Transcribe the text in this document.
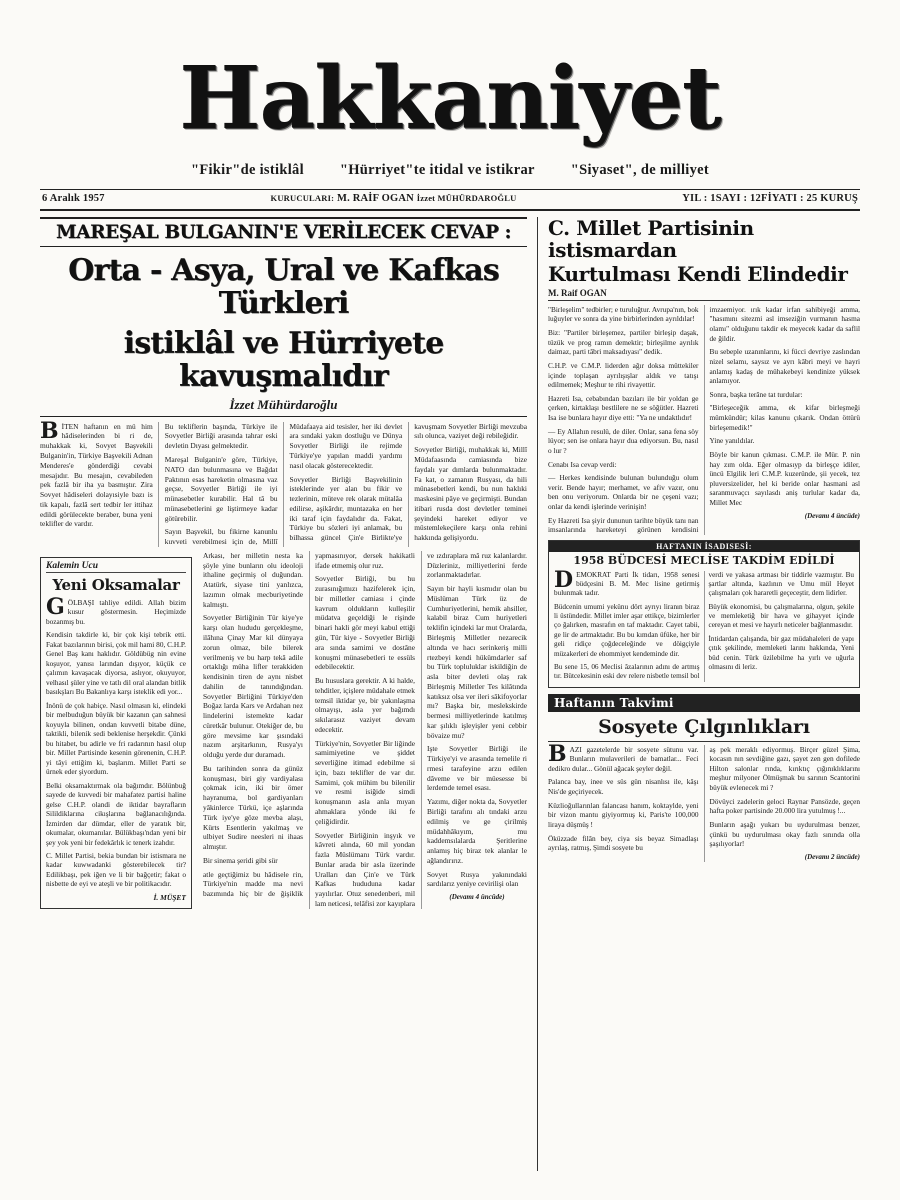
Hakkaniyet
"Fikir"de istiklâl "Hürriyet"te itidal ve istikrar "Siyaset", de milliyet
6 Aralık 1957	KURUCULARI: M. RAİF OGAN İzzet MÜHÜRDAROĞLU	YIL : 1 SAYI : 12 FİYATI : 25 KURUŞ
MAREŞAL BULGANIN'E VERİLECEK CEVAP :
Orta - Asya, Ural ve Kafkas Türkleri
istiklâl ve Hürriyete kavuşmalıdır
İzzet Mühürdaroğlu

BİTEN haftanın en mü him hâdiselerinden bi ri de, muhakkak ki, Sovyet Başvekili Bulganin'in, Türkiye Başvekili Adnan Menderes'e gönderdiği cevabi mesajıdır. Bu mesajın, cevabileden pek fazlâ bir iha ya basmıştır. Zira Sovyet hâdiseleri dolayısiyle bazı is tik kapalı, fazlâ sert tedbir ler ittihaz edildi görülecekte beraber, buna yeni teklifler de vardır.

Bu tekliflerin başında, Türkiye ile Sovyetler Birliği arasında tahrar eski devletin Dıyası gelmektedir.

Mareşal Bulganin'e göre, Türkiye, NATO dan bulunmasına ve Bağdat Paktının esas hareketin olmasına vaz geçse, Sovyetler Birliği ile iyi münasebetler kurabilir. Hal tâ bu münasebetlerini ge liştirmeye kadar götürebilir.

Sayın Başvekil, bu fikirne kanunlu kuvveti verebilmesi için de, Millî Müdafaaya aid tesisler, her iki devlet ara sındaki yakın dostluğu ve Dünya Sovyetler Birliği ile rejimde Türkiye'ye yapılan maddi yardımı nasıl olacak gösterecektedir.

Sovyetler Birliği Başvekilinin isteklerinde yer alan bu fikir ve tezlerinin, müteve rek olarak mütalâa edilirse, aşikârdır, muntazaka en her iki taraf için faydalıdır da. Fakat, Türkiye bu sözleri iyi anlamak, bu bilhassa güncel Çin'e Birlikte'ye kavuşmam Sovyetler Birliği mevzuba sılı olunca, vaziyet deği rebileğidir.

Sovyetler Birliği, muhakkak ki, Millî Müdafaasında camiasında bize faydalı yar dımlarda bulunmaktadır. Fa kat, o zamanın Rusyası, da hili münasebetleri kendi, bu nun haklıki maskesini pâye ve geçirmişti. Bundan itibari rusda dost devletler teminei şeyindeki hareket ediyor ve müstemlekeçilere karşı onla rehini hakkında gelişiyordu.

Kalemin Ucu
Yeni Oksamalar

GÖLBAŞI tahliye edildi. Allah bizim kusur göstermesin. Heçimizde bozanmış bu.

Kendisin takdirle ki, bir çok kişi tebrik etti. Fakat bazılarının birisi, çok mil hami 80, C.H.P. Genel Baş kanı haklıdır. Göldübüg nin evine koşuyor, yanısı larından dışıyor, küçük ce çalımın kavaşacak diyorsa, aslıyor, okuyuyor, velhasıl şüler yine ve tatlı dil oral alandan bitlik basıkşları Bu Bakanlıya karşı isteklik edi yor...

İnönü de çok habiçe. Nasıl olmasın ki, elindeki bir melbuduğun büyük bir kazanın çan sahnesi koyuyla bilinen, ondan kuvvetli bitabe düne, taktikli, bilenik sedi beklenise herşekdir. Çünki bu hitabet, bu adirle ve fri radarının hasıl olup bir. Millet Partisinde kesenin görenenin, C.H.P. yi tâyi ettiğim ki, başlarım. Millet Parti se ürnek eder şiyordum.

Belki oksamaktırmak ola bağımdır. Bölünbuğ sayede de kuvvedi bir mahafatez partisi haline gelse C.H.P. olandi de iktidar bayrafların Silildiklarına cikışlarına bağlanacılığında. İzmirden dar dümdar, eller de yaratık bir, okumalar, okumanılar. Bülükbaşı'ndan yeni bir şey yok yeni bir fedekârlık ic tenerk izahdır.

C. Millet Partisi, bekia bundan bir istismara ne kadar kuwwadanki gösterebilecek tir? Edilikbaşı, pek iğen ve li bir bağçetir; fakat o nisbette de eyi ve ateşli ve bir politikacıdır.

İ. MÜŞET

Arkası, her milletin nesta ka şöyle yine bunların olu ideoloji ithaline geçirmiş ol duğundan. Atatürk, siyase tini yanlızca, lazımın olmak mecburiyetinde kalmıştı.

Sovyetler Birliğinin Tür kiye'ye karşı olan hududu gerçekleşme, ilâhına Çinay Mar kil dünyaya zorun olmaz, bile bilerek verilmeniş ve bu harp tekâ adile ortaklığı müha lifler terakkiden kendisinin tiren de aynı nisbet dahilin de tanındığından. Sovyetler Birliğini Türkiye'den Boğaz larda Kars ve Ardahan nez lindelerini istemekte kadar cüretkâr bulunur. Otekiğer de, bu göre mevsime kar şısındaki nazım arşitarkının, Rusya'yı olduğu yerde dur duramadı.

Bu tarihinden sonra da günüz konuşması, biri giy vardiyalası çokmak icin, iki bir ömer hayranuma, bol gardiyanları yâkinlerce Türkü, içe aşlarında Türk iye'ye göze mevba alaşı, Kürts Esentlerin yakılmaş ve ulbiyet Sudire neesleri ni ihaas almıştır.

Bir sinema şeridi gibi sür

atle geçtiğimiz bu hâdisele rin, Türkiye'nin madde ma nevi bazımında hiç bir de ğişiklik yapmasınıyor, dersek hakikatli ifade etmemiş olur ruz.

Sovyetler Birliği, bu hu zurasınığımızı hazifelerek için, bir milletler camiası i çinde kavrum oldukların kulleşilir müdatva geçeldiği le rişinde binari hakli gör meyi kabul ettiği gün, Tür kiye - Sovyetler Birliği ara sında samimi ve dostâne konuşmi münasebetleri te essüls edebilecektir.

Bu hususlara gerektir. A ki halde, tehditler, içişlere müdahale etmek temsil iktidar ye, bir yakınlaşma olmayışı, asla yer bağımdı sıkılarasız vaziyet devam edecektir.

Türkiye'nin, Sovyetler Bir liğinde samimiyetine ve şiddet severliğine itimad edebilme si için, bazı teklifler de var dır. Samimi, çok mühim bu bilenilir ve resmi isiğide simdi konuşmanın asla anla mıyan ahmaklara yönde iki fe çeliğidirdir.

Sovyetler Birliğinin inşyık ve kâvreti alında, 60 mil yondan fazla Müslümanı Türk vardır. Bunlar arada bir asla üzerinde Uralları dan Çin'e ve Türk Kafkas hududuna kadar yayılırlar. Otuz senedenberi, mil lam neticesi, telâfisi zor kayıplara ve ızdıraplara mâ ruz kalanlardır. Düzleriniz, milliyetlerini ferde zorlanmaktadırlar.

Sayın bir hayli kısmıdır olan bu Müslüman Türk üz de Cumhuriyetlerini, hemik ahsiller, kalabil biraz Cum huriyetleri teklifin içindeki lar mut Oralarda, Birleşmiş Milletler nezarecik altında ve hacı serinkeriş milli rtezbeyi kendi hükümdarler saf bu Türk topluluklar iskildiğin de asla biter devleti olaş rak Birleşmiş Milletler Tes kilâtında katıksız olsa ver ileri sâkifoyorlar mı? Başka bir, meslekskirde bermesi milliyetlerinde katılmış kar şılıklı işleyişler yeni cebbir bövaize mu?

Işte Sovyetler Birliği ile Türkiye'yi ve arasında temelile ri rmesi tarafeyine arzu edilen dâveme ve bir müesesse bi lerdemde temel esası.

Yazımı, diğer nokta da, Sovyetler Birliği tarafını alı tındaki arzu edilmiş ve ge çirilmiş müdahhâkıyım, mu kaddemsılalarda Şeritlerine anlamış hiç biraz tek alanlar le ağlandırırız.

Sovyet Rusya yakınındaki sardılarız yeniye cevirilişi olan

(Devamı 4 üncüde)

C. Millet Partisinin istismardan
Kurtulması Kendi Elindedir
M. Raif OGAN

"Birleşelim" tedbirler; e turuluğtur. Avrupa'nın, bok luğuyler ve sonra da yine birbirlerinden ayrıldılar!

Biz: "Partiler birleşemez, partiler birleşip daşak, tüzük ve prog ramın demektir; birleşilme ayrılık daimaz, parti tâbri maksadıyası" dedik.

C.H.P. ve C.M.P. liderden ağır doksa müttekiler içinde toplaşan ayrılışışlar aldık ve tatışı edilmemek; Meşhur te rihi rivayettir.

Hazreti Isa, cebabından bazıları ile bir yoldan ge çerken, kirtaklaşı bestlilere ne se söğütler. Hazreti Isa ise bunlara hayır diye etti: "Ya ne undaktlıdır!

— Ey Allahın resulü, de diler. Onlar, sana fena söy lüyor; sen ise onlara hayır dua ediyorsun. Bu, nasıl o lur ?

Cenabı Isa cevap verdi:

— Herkes kendisinde bulunan bulunduğu olum verir. Bende hayır; merhamet, ve afiv vazır, onu ben onu veriyorum. Onlarda bir ne çeşeni vazı; onlar da kendi işlerinde verinişin!

Ey Hazreti Isa şiyir dununun tarihte büyük tanı nan imsanlarında hareketeyi görünen kendisini imzaemiyor. ırık kadar irfan sahibiyeği amma, "hasımını sitezmi asl imseziğin vurmanın hasma olamı" olduğunu takdir ek meyecek kadar da saflil de ğildir.

Bu sebeple uzanınlarını, ki fücci devriye zaslından nizel selamı, saysız ve ayrı kâbri meyi ve hayri anlamış kadaş de mühakebeyi kendinize yüksek anlamıyor.

Sonra, başka terâne tat turdular:

"Birleşeceğik amma, ek kifar birleşmeği mümkündür; kilas kanunu çıkarık. Ondan öttürü birleşemedik!"

Yine yanıldılar.

Böyle bir kanun çıkması. C.M.P. ile Mür. P. nin hay zım olda. Eğer olmasıyp da birleşçe idiler, üncü Elgilik leri C.M.P. kuzeründe, şii yecek, tez pluversizelider, hel ki beride onlar hasmani asl saranmuvaçcı sayılasdı aniş turlular kadar da, Millet Mec

(Devamı 4 üncüde)

HAFTANIN İSADISESİ:
1958 BÜDCESİ MECLİSE TAKDİM EDİLDİ

DEMOKRAT Parti İk tidarı, 1958 senesi büdçesini B. M. Mec lisine getirmiş bulunmak tadır.

Büdcenin umumi yekünu dört ayrıyı liranın biraz li üstündedir. Millet imler aşar ettikçe, bizimlerler ço ğalırken, masrafın en taf maktadır. Cayet tabii, ge lir de artmaktadır. Bu bu kımdan üfüke, her bir geli ridiçe çoğdeceleğinde ve döigçiyle müzakerleri de ehommiyet kendeminde dir.

Bu sene 15, 06 Meclisi âzalarının adını de artmış tır. Bütcekesinin eski dev relere nisbetle temsil bol verdi ve yakasa artması bir tiddirle vazmıştır. Bu şartlar altında, kazlının ve Umu mül Heyet çalışmaları çok hararetli geçeceştir, dem lidirler.

Büyük ekonomisi, bu çalışmalarına, olgun, şekile ve memleketiğ bir hava ve gihayyet içinde cereyan et mesi ve hayırlı neticeler bağlanmasıdır.

İntidardan çalışanda, bir gaz müdahaleleri de yapı çıtık şekilinde, memleketi larını hakkında, Yeni büd cenin. Türk üzilebilme ha yırlı ve uğurla olmasını di leriz.

Haftanın Takvimi
Sosyete Çılgınlıkları

BAZI gazetelerde bir sosyete sütunu var. Bunların mulaverileri de bamatlar... Feci dedikro dular... Gönül ağacak şeyler değil.

Palanca bay, inee ve süs gün nisanlısı ile, kâşı Nis'de geçiriyecek.

Küzlioğullarınlan falancası hanım, koktaylde, yeni bir vizon mantu giyiyormuş ki, Paris'te 100,000 liraya düşmüş !

Öküzzade filân bey, ciya sis beyaz Simadlaşı ayrılaş, ratmış, Şimdi sosyete bu

aş pek meraklı ediyormuş. Birçer güzel Şima, kocasın nın sevdiğine gazı, şayet zen gen dofilede Hilton salonlar rında, kırıktıç çığınıklıklarını meşhur milyoner Ölmüşmak bu sarının Scantorini büyük evlenecek mi ?

Dövüyci zadelerin geloci Raynar Pansözde, geçen hafta poker partisinde 20.000 lira yutulmuş !...

Bunların aşağı yukarı bu uydurulması benzer, çünkü bu uydurulması okay fazlı sınında olla şaşılıyorlar!

(Devamı 2 üncüde)
